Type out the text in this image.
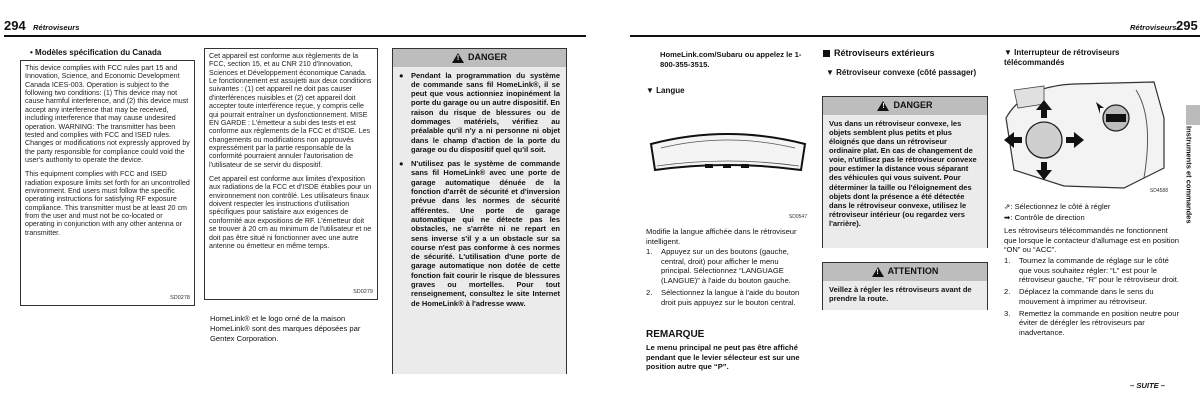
294 Rétroviseurs
• Modèles spécification du Canada

This device complies with FCC rules part 15 and Innovation, Science, and Economic Development Canada ICES-003. Operation is subject to the following two conditions: (1) This device may not cause harmful interference, and (2) this device must accept any interference that may be received, including interference that may cause undesired operation. WARNING: The transmitter has been tested and complies with FCC and ISED rules. Changes or modifications not expressly approved by the party responsible for compliance could void the user's authority to operate the device.

This equipment complies with FCC and ISED radiation exposure limits set forth for an uncontrolled environment. End users must follow the specific operating instructions for satisfying RF exposure compliance. This transmitter must be at least 20 cm from the user and must not be co-located or operating in conjunction with any other antenna or transmitter.

SD0278

Cet appareil est conforme aux règlements de la FCC, section 15, et au CNR 210 d'Innovation, Sciences et Développement économique Canada. Le fonctionnement est assujetti aux deux conditions suivantes : (1) cet appareil ne doit pas causer d'interférences nuisibles et (2) cet appareil doit accepter toute interférence reçue, y compris celle qui pourrait entraîner un dysfonctionnement. MISE EN GARDE : L'émetteur a subi des tests et est conforme aux règlements de la FCC et d'ISDE. Les changements ou modifications non approuvés expressément par la partie responsable de la conformité pourraient annuler l'autorisation de l'utilisateur de se servir du dispositif.

Cet appareil est conforme aux limites d'exposition aux radiations de la FCC et d'ISDE établies pour un environnement non contrôlé. Les utilisateurs finaux doivent respecter les instructions d'utilisation spécifiques pour satisfaire aux exigences de conformité aux expositions de RF. L'émetteur doit se trouver à 20 cm au minimum de l'utilisateur et ne doit pas être situé ni fonctionner avec une autre antenne ou émetteur en même temps.

SD0279
HomeLink® et le logo orné de la maison HomeLink® sont des marques déposées par Gentex Corporation.
! DANGER
● Pendant la programmation du système de commande sans fil HomeLink®, il se peut que vous actionniez inopinément la porte du garage ou un autre dispositif. En raison du risque de blessures ou de dommages matériels, vérifiez au préalable qu'il n'y a ni personne ni objet dans le champ d'action de la porte du garage ou du dispositif quel qu'il soit.
● N'utilisez pas le système de commande sans fil HomeLink® avec une porte de garage automatique dénuée de la fonction d'arrêt de sécurité et d'inversion prévue dans les normes de sécurité afférentes. Une porte de garage automatique qui ne détecte pas les obstacles, ne s'arrête ni ne repart en sens inverse s'il y a un obstacle sur sa course n'est pas conforme à ces normes de sécurité. L'utilisation d'une porte de garage automatique non dotée de cette fonction fait courir le risque de blessures graves ou mortelles. Pour tout renseignement, consultez le site Internet de HomeLink® à l'adresse www.
Rétroviseurs 295
Instruments et commandes
HomeLink.com/Subaru ou appelez le 1-800-355-3515.
▼ Langue
SD0547
Modifie la langue affichée dans le rétroviseur intelligent.
1.	Appuyez sur un des boutons (gauche, central, droit) pour afficher le menu principal. Sélectionnez “LANGUAGE (LANGUE)” à l'aide du bouton gauche.
2.	Sélectionnez la langue à l'aide du bouton droit puis appuyez sur le bouton central.
REMARQUE
Le menu principal ne peut pas être affiché pendant que le levier sélecteur est sur une position autre que “P”.
Rétroviseurs extérieurs
▼ Rétroviseur convexe (côté passager)
! DANGER
Vus dans un rétroviseur convexe, les objets semblent plus petits et plus éloignés que dans un rétroviseur ordinaire plat. En cas de changement de voie, n'utilisez pas le rétroviseur convexe pour estimer la distance vous séparant des véhicules qui vous suivent. Pour déterminer la taille ou l'éloignement des objets dont la présence a été détectée dans le rétroviseur convexe, utilisez le rétroviseur intérieur (ou regardez vers l'arrière).
! ATTENTION
Veillez à régler les rétroviseurs avant de prendre la route.
▼ Interrupteur de rétroviseurs télécommandés
SD4588
⇗: Sélectionnez le côté à régler
➡: Contrôle de direction
Les rétroviseurs télécommandés ne fonctionnent que lorsque le contacteur d'allumage est en position “ON” ou “ACC”.
1.	Tournez la commande de réglage sur le côté que vous souhaitez régler: “L” est pour le rétroviseur gauche, “R” pour le rétroviseur droit.
2.	Déplacez la commande dans le sens du mouvement à imprimer au rétroviseur.
3.	Remettez la commande en position neutre pour éviter de dérégler les rétroviseurs par inadvertance.
– SUITE –
